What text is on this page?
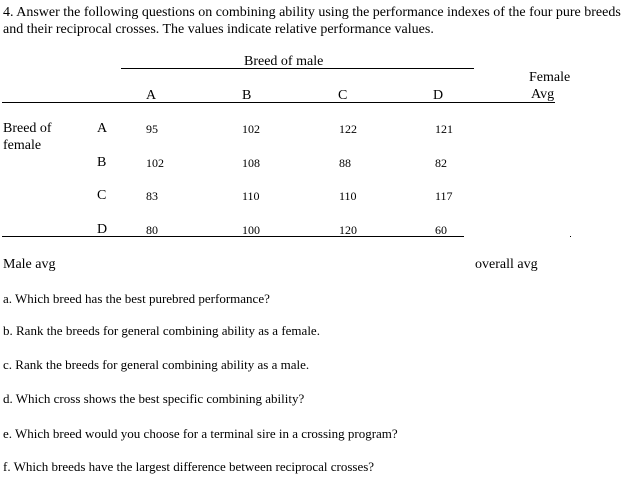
4. Answer the following questions on combining ability using the performance indexes of the four pure breeds and their reciprocal crosses. The values indicate relative performance values.
Breed of male
Female
Avg
A	B	C	D
Breed of
female
A	95	102	122	121
B	102	108	88	82
C	83	110	110	117
D	80	100	120	60
Male avg	overall avg
a. Which breed has the best purebred performance?
b. Rank the breeds for general combining ability as a female.
c. Rank the breeds for general combining ability as a male.
d. Which cross shows the best specific combining ability?
e. Which breed would you choose for a terminal sire in a crossing program?
f. Which breeds have the largest difference between reciprocal crosses?
